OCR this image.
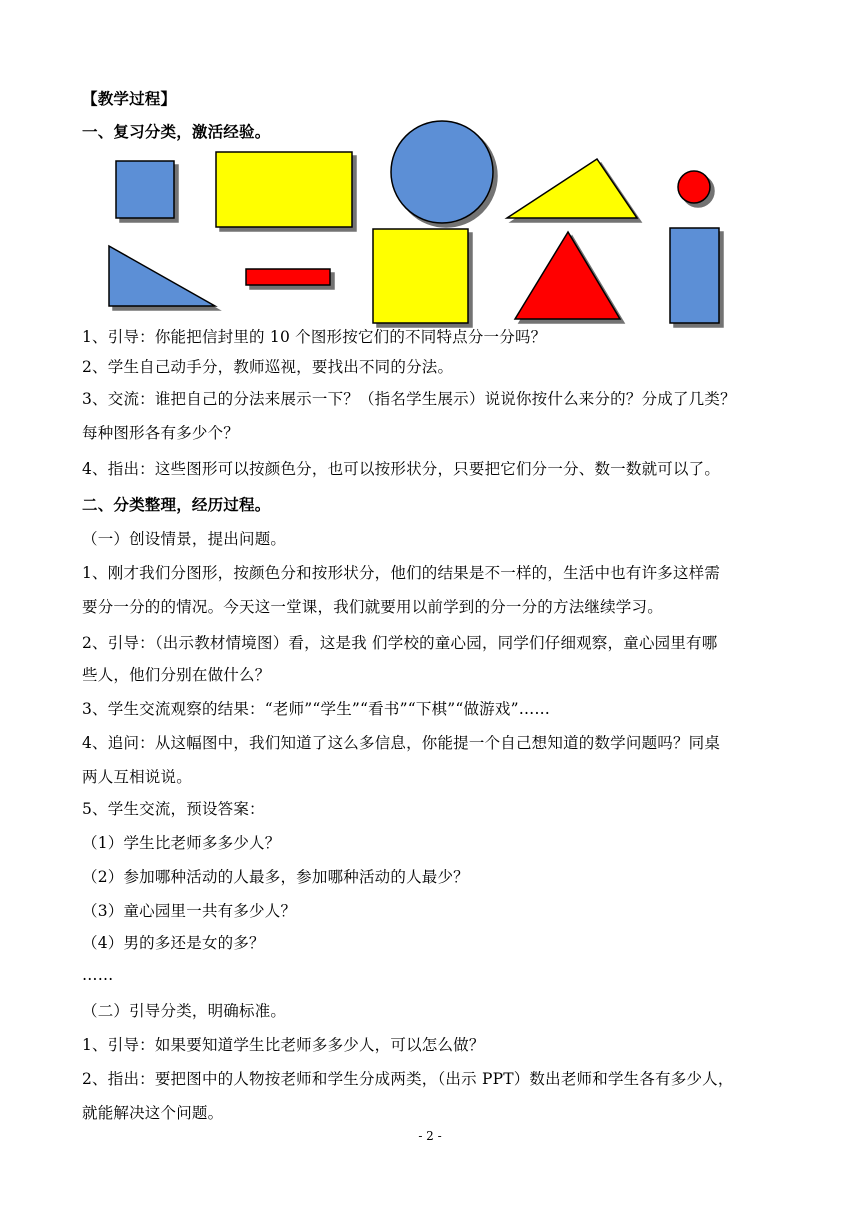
【教学过程】
一、复习分类，激活经验。
1、引导：你能把信封里的 10 个图形按它们的不同特点分一分吗？
2、学生自己动手分，教师巡视，要找出不同的分法。
3、交流：谁把自己的分法来展示一下？（指名学生展示）说说你按什么来分的？分成了几类？
每种图形各有多少个？
4、指出：这些图形可以按颜色分，也可以按形状分，只要把它们分一分、数一数就可以了。
二、分类整理，经历过程。
（一）创设情景，提出问题。
1、刚才我们分图形，按颜色分和按形状分，他们的结果是不一样的，生活中也有许多这样需
要分一分的的情况。今天这一堂课，我们就要用以前学到的分一分的方法继续学习。
2、引导：（出示教材情境图）看，这是我 们学校的童心园，同学们仔细观察，童心园里有哪
些人，他们分别在做什么？
3、学生交流观察的结果：“老师”“学生”“看书”“下棋”“做游戏”……
4、追问：从这幅图中，我们知道了这么多信息，你能提一个自己想知道的数学问题吗？同桌
两人互相说说。
5、学生交流，预设答案：
（1）学生比老师多多少人？
（2）参加哪种活动的人最多，参加哪种活动的人最少？
（3）童心园里一共有多少人？
（4）男的多还是女的多？
……
（二）引导分类，明确标准。
1、引导：如果要知道学生比老师多多少人，可以怎么做？
2、指出：要把图中的人物按老师和学生分成两类，（出示 PPT）数出老师和学生各有多少人，
就能解决这个问题。
- 2 -
